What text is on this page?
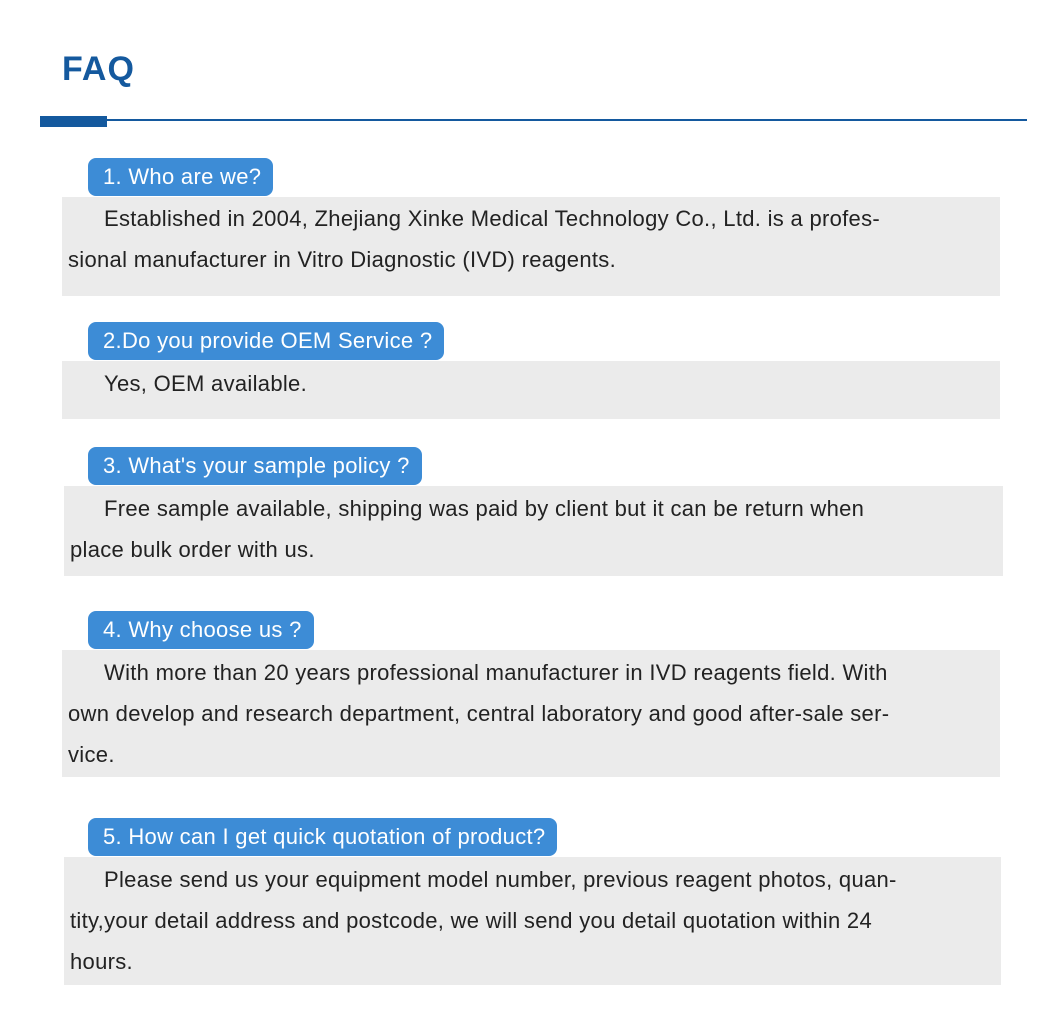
FAQ
1. Who are we?
Established in 2004, Zhejiang Xinke Medical Technology Co., Ltd. is a profes-
sional manufacturer in Vitro Diagnostic (IVD) reagents.
2.Do you provide OEM Service ?
Yes, OEM available.
3. What's your sample policy ?
Free sample available, shipping was paid by client but it can be return when
place bulk order with us.
4. Why choose us ?
With more than 20 years professional manufacturer in IVD reagents field. With
own develop and research department, central laboratory and good after-sale ser-
vice.
5. How can I get quick quotation of product?
Please send us your equipment model number, previous reagent photos, quan-
tity,your detail address and postcode, we will send you detail quotation within 24
hours.
